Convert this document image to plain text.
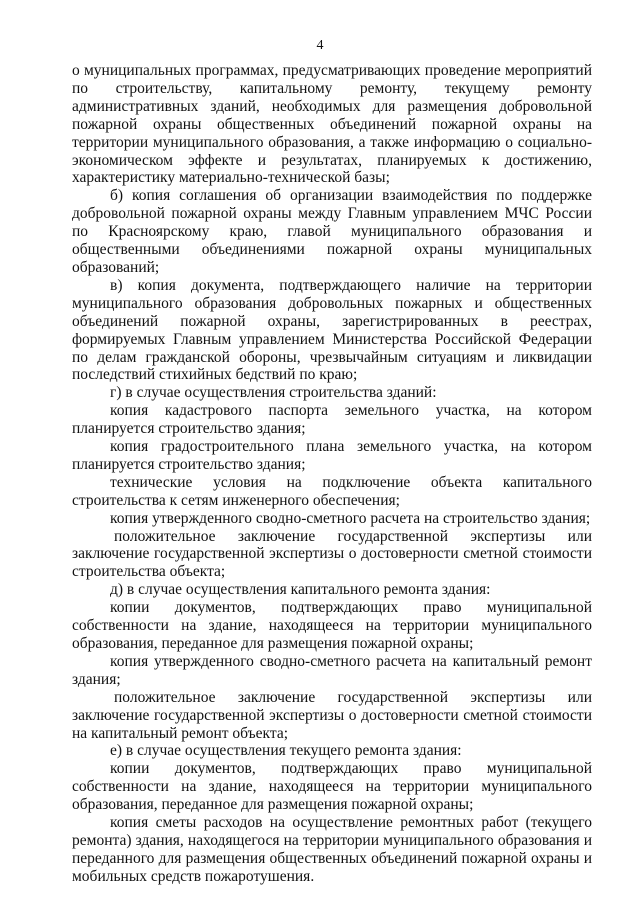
4

о муниципальных программах, предусматривающих проведение мероприятий по строительству, капитальному ремонту, текущему ремонту административных зданий, необходимых для размещения добровольной пожарной охраны общественных объединений пожарной охраны на территории муниципального образования, а также информацию о социально-экономическом эффекте и результатах, планируемых к достижению, характеристику материально-технической базы;

б) копия соглашения об организации взаимодействия по поддержке добровольной пожарной охраны между Главным управлением МЧС России по Красноярскому краю, главой муниципального образования и общественными объединениями пожарной охраны муниципальных образований;

в) копия документа, подтверждающего наличие на территории муниципального образования добровольных пожарных и общественных объединений пожарной охраны, зарегистрированных в реестрах, формируемых Главным управлением Министерства Российской Федерации по делам гражданской обороны, чрезвычайным ситуациям и ликвидации последствий стихийных бедствий по краю;

г) в случае осуществления строительства зданий:

копия кадастрового паспорта земельного участка, на котором планируется строительство здания;

копия градостроительного плана земельного участка, на котором планируется строительство здания;

технические условия на подключение объекта капитального строительства к сетям инженерного обеспечения;

копия утвержденного сводно-сметного расчета на строительство здания;

положительное заключение государственной экспертизы или заключение государственной экспертизы о достоверности сметной стоимости строительства объекта;

д) в случае осуществления капитального ремонта здания:

копии документов, подтверждающих право муниципальной собственности на здание, находящееся на территории муниципального образования, переданное для размещения пожарной охраны;

копия утвержденного сводно-сметного расчета на капитальный ремонт здания;

положительное заключение государственной экспертизы или заключение государственной экспертизы о достоверности сметной стоимости на капитальный ремонт объекта;

е) в случае осуществления текущего ремонта здания:

копии документов, подтверждающих право муниципальной собственности на здание, находящееся на территории муниципального образования, переданное для размещения пожарной охраны;

копия сметы расходов на осуществление ремонтных работ (текущего ремонта) здания, находящегося на территории муниципального образования и переданного для размещения общественных объединений пожарной охраны и мобильных средств пожаротушения.
